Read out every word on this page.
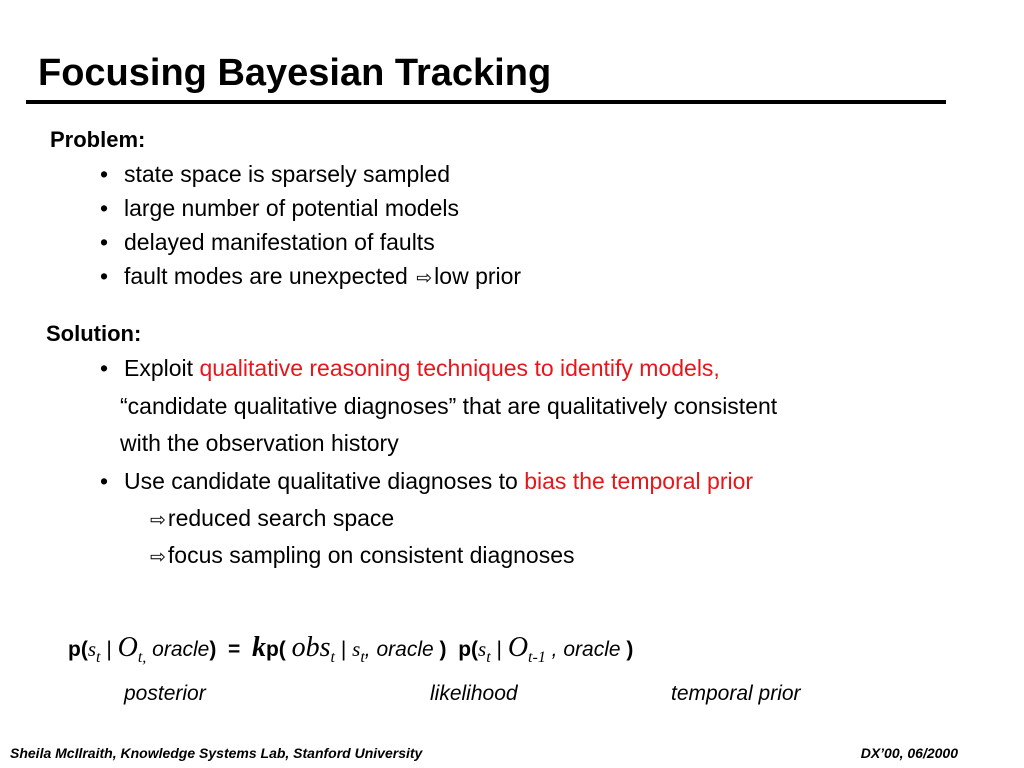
Focusing Bayesian Tracking
Problem:
• state space is sparsely sampled
• large number of potential models
• delayed manifestation of faults
• fault modes are unexpected ⇨low prior
Solution:
• Exploit qualitative reasoning techniques to identify models,
“candidate qualitative diagnoses” that are qualitatively consistent
with the observation history
• Use candidate qualitative diagnoses to bias the temporal prior
⇨reduced search space
⇨focus sampling on consistent diagnoses
$p(s_t$ | $O_{t,}$ oracle) = kp( obs$_t$ | $s_t$, oracle ) $p(s_t$ | $O_{t-1}$ , oracle )
posterior	likelihood	temporal prior
Sheila McIlraith, Knowledge Systems Lab, Stanford University	DX’00, 06/2000
